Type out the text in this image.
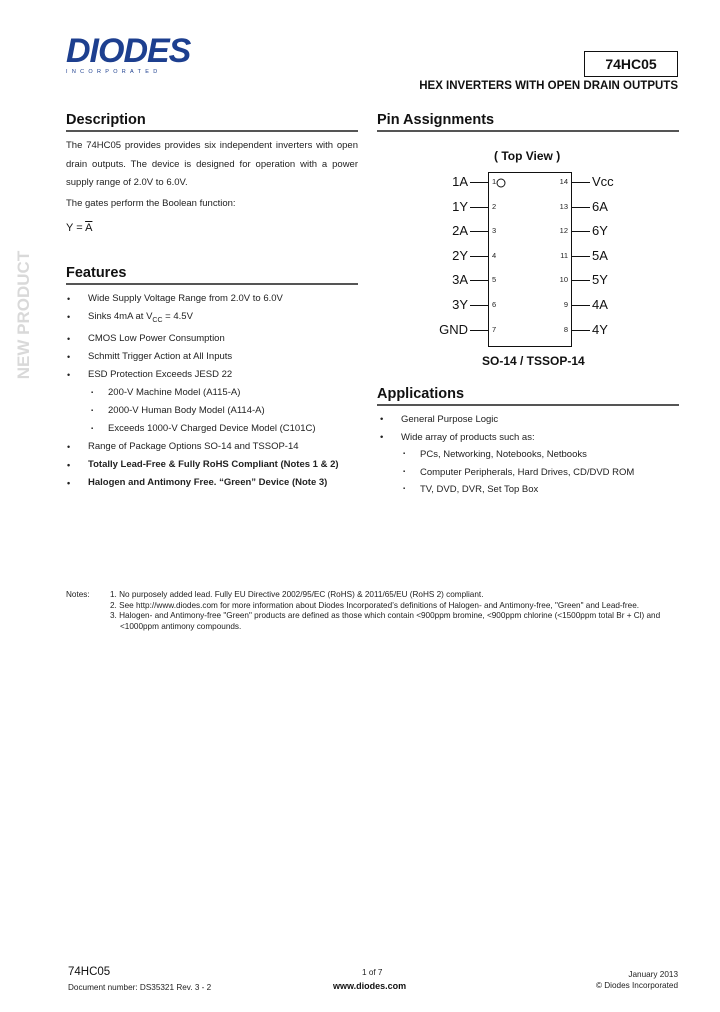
DIODES
INCORPORATED	74HC05
HEX INVERTERS WITH OPEN DRAIN OUTPUTS
NEW PRODUCT
Description
The 74HC05 provides provides six independent inverters with open drain outputs. The device is designed for operation with a power supply range of 2.0V to 6.0V.
The gates perform the Boolean function:
$Y = \overline{A}$
Features
• Wide Supply Voltage Range from 2.0V to 6.0V
• Sinks 4mA at $V_{CC} = 4.5V$
• CMOS Low Power Consumption
• Schmitt Trigger Action at All Inputs
• ESD Protection Exceeds JESD 22
▪ 200-V Machine Model (A115-A)
▪ 2000-V Human Body Model (A114-A)
▪ Exceeds 1000-V Charged Device Model (C101C)
• Range of Package Options SO-14 and TSSOP-14
• Totally Lead-Free & Fully RoHS Compliant (Notes 1 & 2)
• Halogen and Antimony Free. “Green” Device (Note 3)
Pin Assignments
( Top View )
1A	1
1Y	2
2A	3
2Y	4
3A	5
3Y	6
GND	7
Vcc
14
6A
13
6Y
12
5A
11
5Y
10
4A
9
4Y
8
SO-14 / TSSOP-14
Applications
• General Purpose Logic
• Wide array of products such as:
▪ PCs, Networking, Notebooks, Netbooks
▪ Computer Peripherals, Hard Drives, CD/DVD ROM
▪ TV, DVD, DVR, Set Top Box
Notes: 1. No purposely added lead. Fully EU Directive 2002/95/EC (RoHS) & 2011/65/EU (RoHS 2) compliant.
2. See http://www.diodes.com for more information about Diodes Incorporated’s definitions of Halogen- and Antimony-free, "Green" and Lead-free.
3. Halogen- and Antimony-free "Green" products are defined as those which contain <900ppm bromine, <900ppm chlorine (<1500ppm total Br + Cl) and <1000ppm antimony compounds.
74HC05
Document number: DS35321 Rev. 3 - 2
1 of 7
www.diodes.com
January 2013
© Diodes Incorporated
